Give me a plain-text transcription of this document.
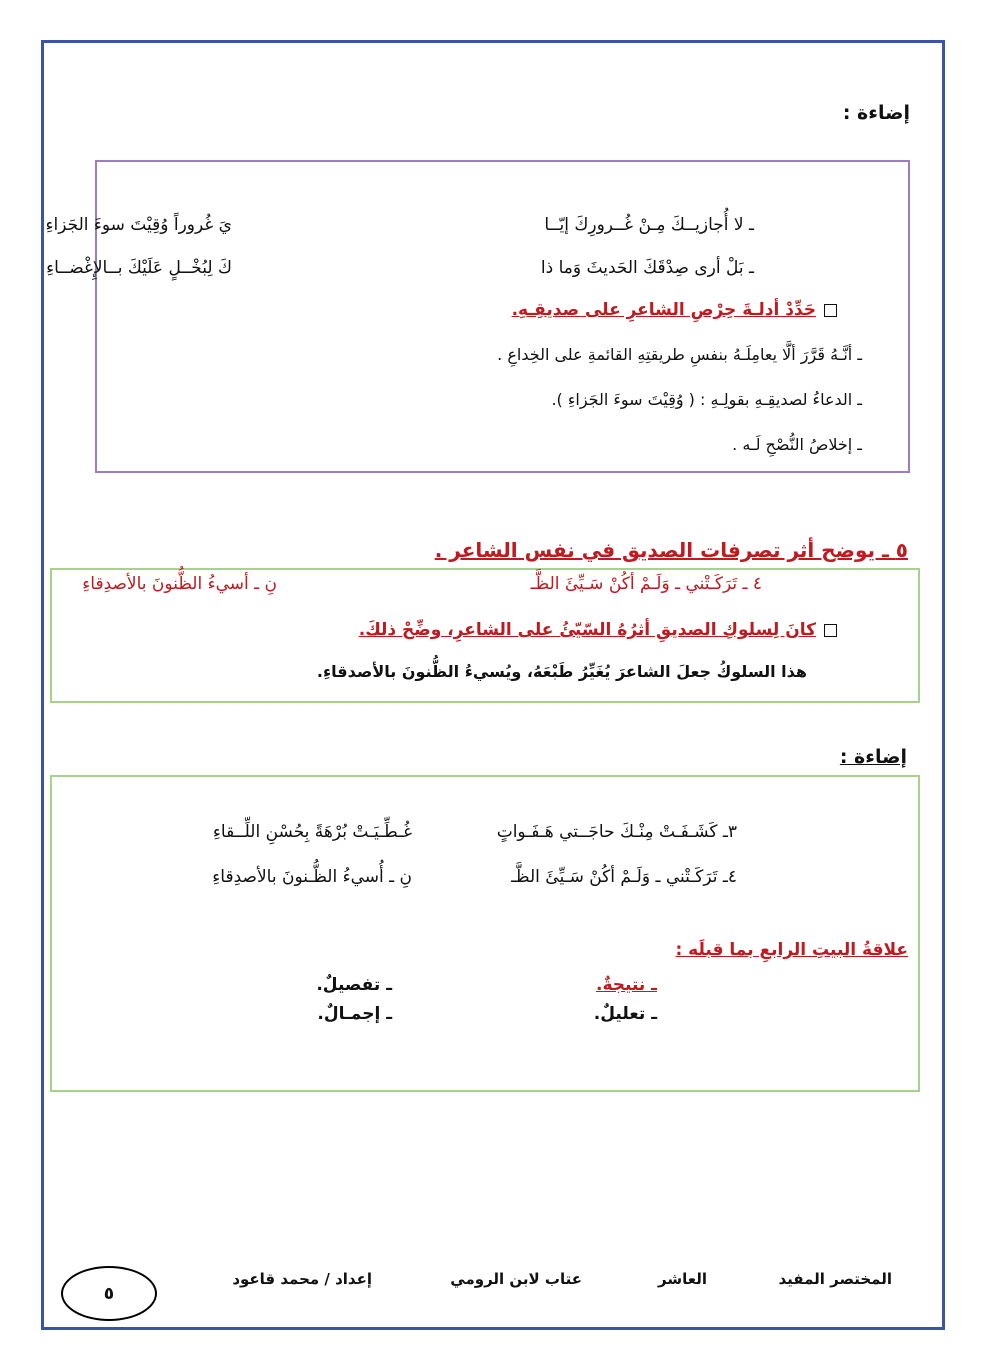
إضاءة :
ـ لا أُجازيــكَ مِـنْ غُــرورِكَ إيّــا
يَ غُروراً وُقِيْتَ سوءَ الجَزاءِ
ـ بَلْ أرى صِدْقَكَ الحَديثَ وَما ذا
كَ لِبُخْــلٍ عَلَيْكَ بــالإِغْضــاءِ
حَدِّدْ أدلـةَ حِرْصِ الشاعرِ على صديقِـهِ.
ـ أنَّـهُ قَرَّرَ ألَّا يعامِلَـهُ بنفسِ طريقتِهِ القائمةِ على الخِداعِ .
ـ الدعاءُ لصديقِـهِ بقولِـهِ : ( وُقِيْتَ سوءَ الجَزاءِ ).
ـ إخلاصُ النُّصْحِ لَـه .
٥ ـ يوضح أثر تصرفات الصديق في نفس الشاعر .
٤ ـ تَرَكَـتْني ـ وَلَـمْ أكُنْ سَـيِّئَ الظَّـ
نِ ـ أسيءُ الظُّنونَ بالأصدِقاءِ
كانَ لِسلوكِ الصديقِ أثرُهُ السّيّئُ على الشاعرِ، وضِّحْ ذلكَ.
هذا السلوكُ جعلَ الشاعرَ يُغَيِّرُ طَبْعَهُ، ويُسيءُ الظُّنونَ بالأصدقاءِ.
إضاءة :
٣ـ كَشَـفَـتْ مِنْـكَ حاجَــتي هَـفَـواتٍ
غُـطِّـيَـتْ بُرْهَةً بِحُسْنِ اللِّــقاءِ
٤ـ تَرَكَـتْني ـ وَلَـمْ أكُنْ سَـيِّئَ الظَّـ
نِ ـ أُسيءُ الظُّـنونَ بالأصدِقاءِ
علاقةُ البيتِ الرابعِ بما قبلَه :
ـ نتيجةٌ.
ـ تعليلٌ.
ـ تفصيلٌ.
ـ إجمـالٌ.
المختصر المفيد
العاشر
عتاب لابن الرومي
إعداد / محمد قاعود
٥
